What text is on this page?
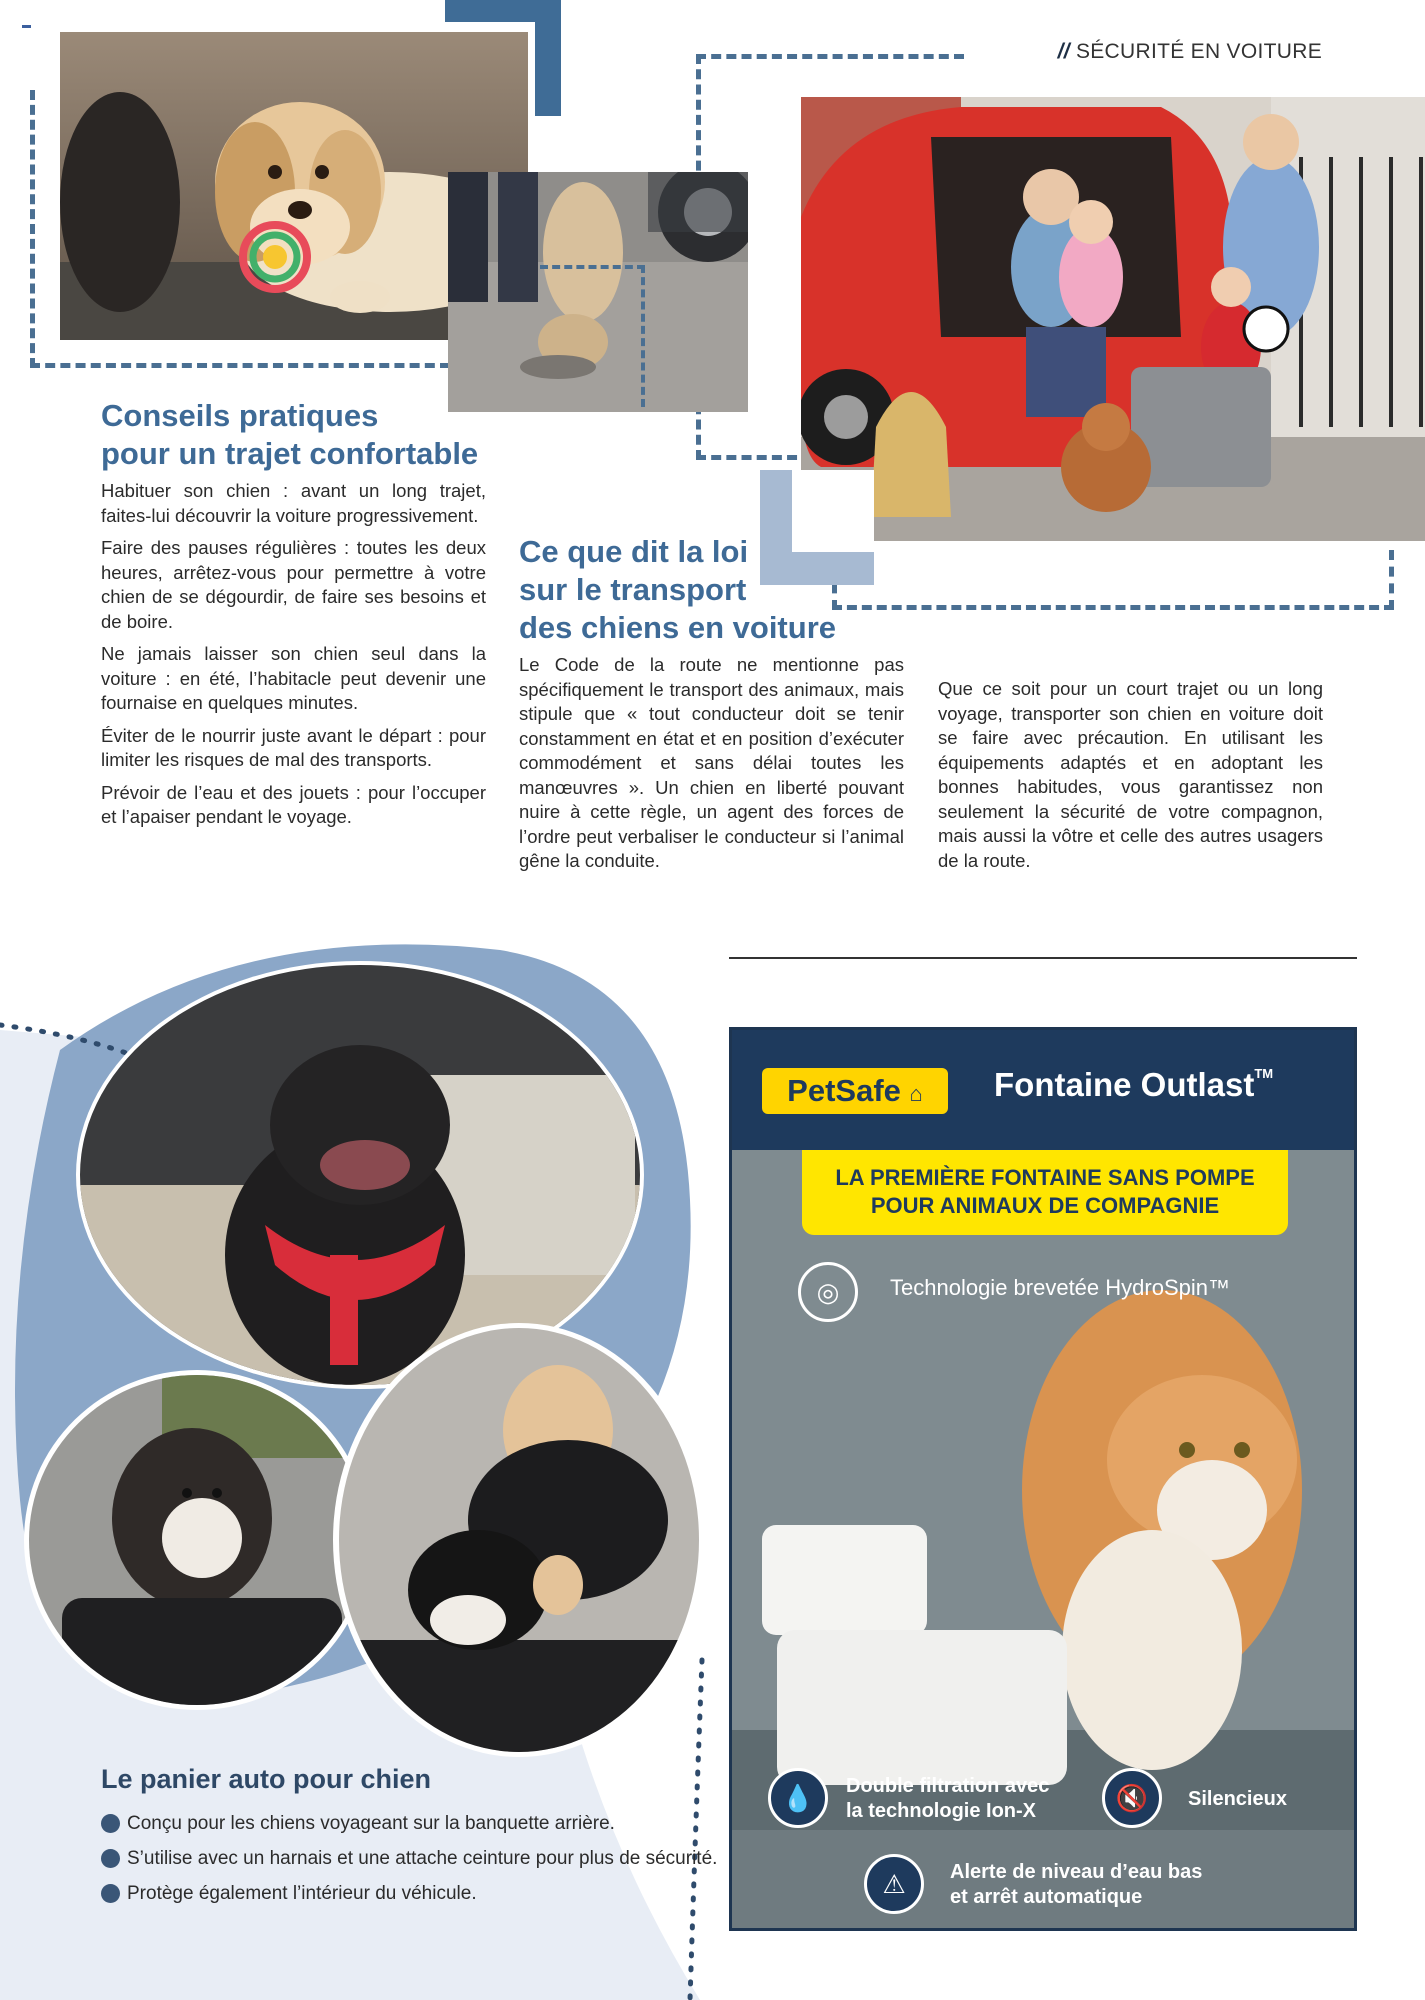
// SÉCURITÉ EN VOITURE
Conseils pratiques
pour un trajet confortable

Habituer son chien : avant un long trajet, faites-lui découvrir la voiture progressivement.

Faire des pauses régulières : toutes les deux heures, arrêtez-vous pour permettre à votre chien de se dégourdir, de faire ses besoins et de boire.

Ne jamais laisser son chien seul dans la voiture : en été, l’habitacle peut devenir une fournaise en quelques minutes.

Éviter de le nourrir juste avant le départ : pour limiter les risques de mal des transports.

Prévoir de l’eau et des jouets : pour l’occuper et l’apaiser pendant le voyage.

Ce que dit la loi
sur le transport
des chiens en voiture

Le Code de la route ne mentionne pas spécifiquement le transport des animaux, mais stipule que « tout conducteur doit se tenir constamment en état et en position d’exécuter commodément et sans délai toutes les manœuvres ». Un chien en liberté pouvant nuire à cette règle, un agent des forces de l’ordre peut verbaliser le conducteur si l’animal gêne la conduite.

Que ce soit pour un court trajet ou un long voyage, transporter son chien en voiture doit se faire avec précaution. En utilisant les équipements adaptés et en adoptant les bonnes habitudes, vous garantissez non seulement la sécurité de votre compagnon, mais aussi la vôtre et celle des autres usagers de la route.

Le panier auto pour chien
Conçu pour les chiens voyageant sur la banquette arrière.
S’utilise avec un harnais et une attache ceinture pour plus de sécurité.
Protège également l’intérieur du véhicule.
PetSafe ⌂	Fontaine Outlast™
LA PREMIÈRE FONTAINE SANS POMPE
POUR ANIMAUX DE COMPAGNIE
◎	Technologie brevetée HydroSpin™
💧	Double filtration avec
la technologie Ion-X	🔇	Silencieux
⚠	Alerte de niveau d’eau bas
et arrêt automatique
